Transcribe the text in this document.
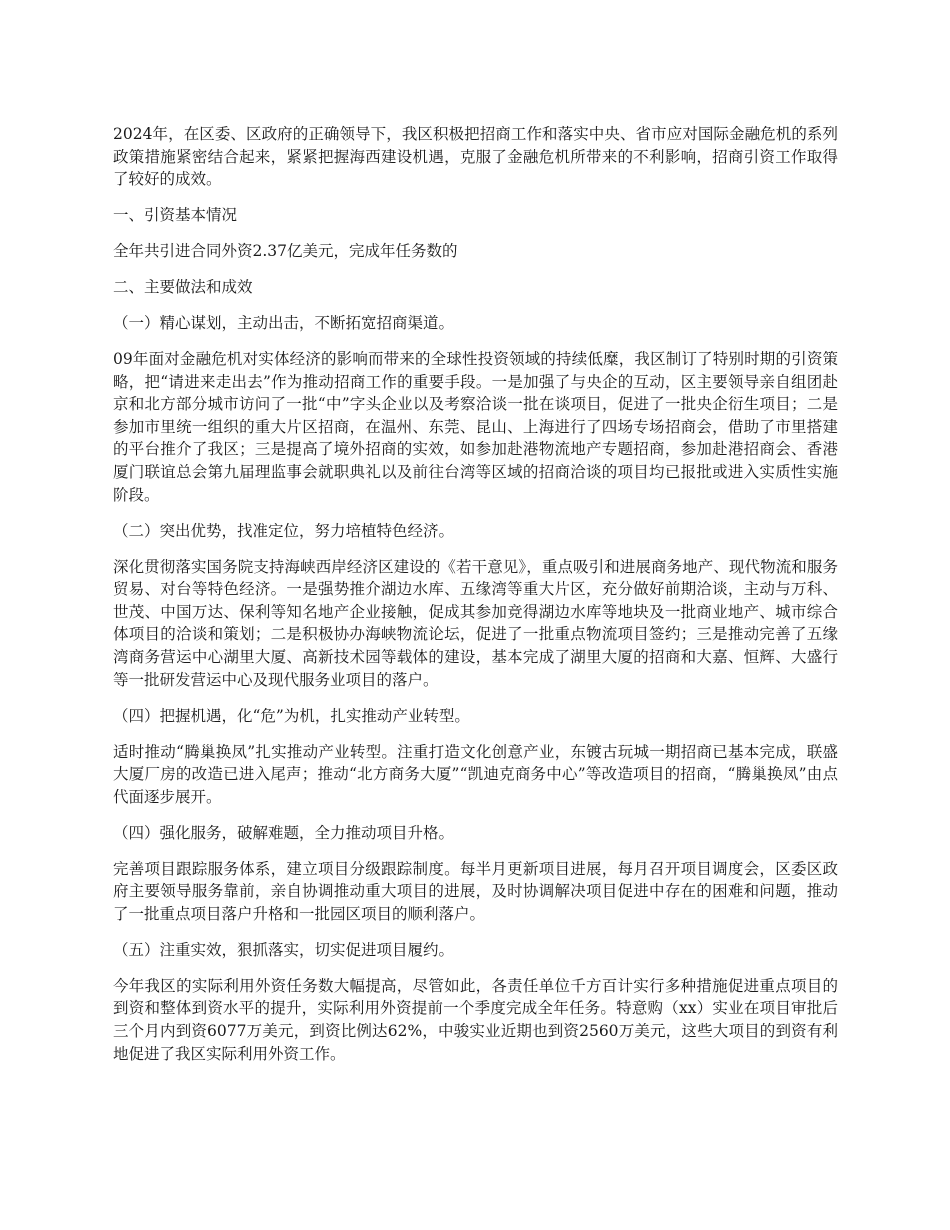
2024年，在区委、区政府的正确领导下，我区积极把招商工作和落实中央、省市应对国际金融危机的系列政策措施紧密结合起来，紧紧把握海西建设机遇，克服了金融危机所带来的不利影响，招商引资工作取得了较好的成效。

一、引资基本情况

全年共引进合同外资2.37亿美元，完成年任务数的

二、主要做法和成效

（一）精心谋划，主动出击，不断拓宽招商渠道。

09年面对金融危机对实体经济的影响而带来的全球性投资领域的持续低糜，我区制订了特别时期的引资策略，把“请进来走出去”作为推动招商工作的重要手段。一是加强了与央企的互动，区主要领导亲自组团赴京和北方部分城市访问了一批“中”字头企业以及考察洽谈一批在谈项目，促进了一批央企衍生项目；二是参加市里统一组织的重大片区招商，在温州、东莞、昆山、上海进行了四场专场招商会，借助了市里搭建的平台推介了我区；三是提高了境外招商的实效，如参加赴港物流地产专题招商，参加赴港招商会、香港厦门联谊总会第九届理监事会就职典礼以及前往台湾等区域的招商洽谈的项目均已报批或进入实质性实施阶段。

（二）突出优势，找准定位，努力培植特色经济。

深化贯彻落实国务院支持海峡西岸经济区建设的《若干意见》，重点吸引和进展商务地产、现代物流和服务贸易、对台等特色经济。一是强势推介湖边水库、五缘湾等重大片区，充分做好前期洽谈，主动与万科、世茂、中国万达、保利等知名地产企业接触，促成其参加竞得湖边水库等地块及一批商业地产、城市综合体项目的洽谈和策划；二是积极协办海峡物流论坛，促进了一批重点物流项目签约；三是推动完善了五缘湾商务营运中心湖里大厦、高新技术园等载体的建设，基本完成了湖里大厦的招商和大嘉、恒辉、大盛行等一批研发营运中心及现代服务业项目的落户。

（四）把握机遇，化“危”为机，扎实推动产业转型。

适时推动“腾巢换凤”扎实推动产业转型。注重打造文化创意产业，东镀古玩城一期招商已基本完成，联盛大厦厂房的改造已进入尾声；推动“北方商务大厦”“凯迪克商务中心”等改造项目的招商，“腾巢换凤”由点代面逐步展开。

（四）强化服务，破解难题，全力推动项目升格。

完善项目跟踪服务体系，建立项目分级跟踪制度。每半月更新项目进展，每月召开项目调度会，区委区政府主要领导服务靠前，亲自协调推动重大项目的进展，及时协调解决项目促进中存在的困难和问题，推动了一批重点项目落户升格和一批园区项目的顺利落户。

（五）注重实效，狠抓落实，切实促进项目履约。

今年我区的实际利用外资任务数大幅提高，尽管如此，各责任单位千方百计实行多种措施促进重点项目的到资和整体到资水平的提升，实际利用外资提前一个季度完成全年任务。特意购（xx）实业在项目审批后三个月内到资6077万美元，到资比例达62%，中骏实业近期也到资2560万美元，这些大项目的到资有利地促进了我区实际利用外资工作。
